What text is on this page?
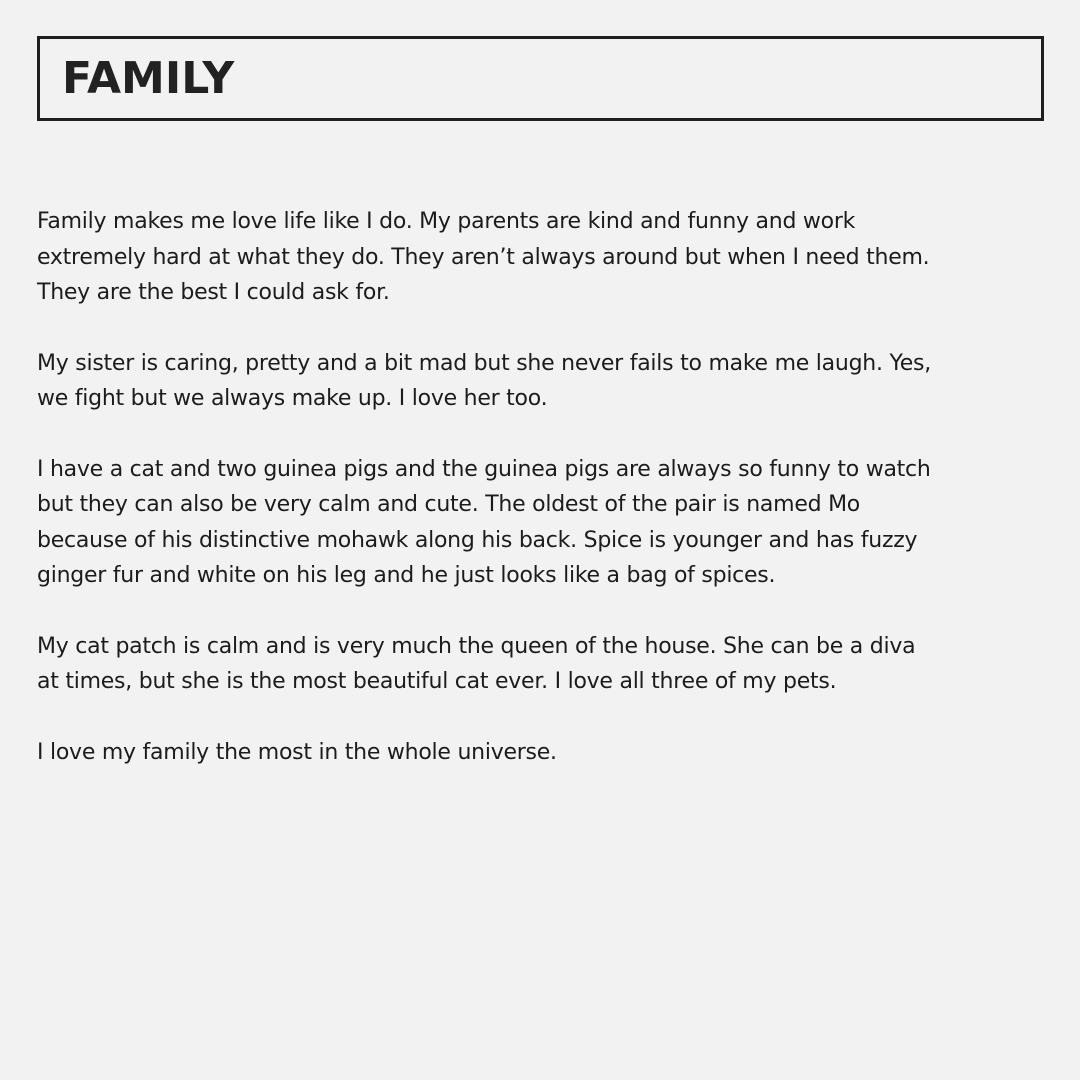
FAMILY

Family makes me love life like I do. My parents are kind and funny and work extremely hard at what they do. They aren’t always around but when I need them. They are the best I could ask for.

My sister is caring, pretty and a bit mad but she never fails to make me laugh. Yes, we fight but we always make up. I love her too.

I have a cat and two guinea pigs and the guinea pigs are always so funny to watch but they can also be very calm and cute. The oldest of the pair is named Mo because of his distinctive mohawk along his back. Spice is younger and has fuzzy ginger fur and white on his leg and he just looks like a bag of spices.

My cat patch is calm and is very much the queen of the house. She can be a diva at times, but she is the most beautiful cat ever. I love all three of my pets.

I love my family the most in the whole universe.
